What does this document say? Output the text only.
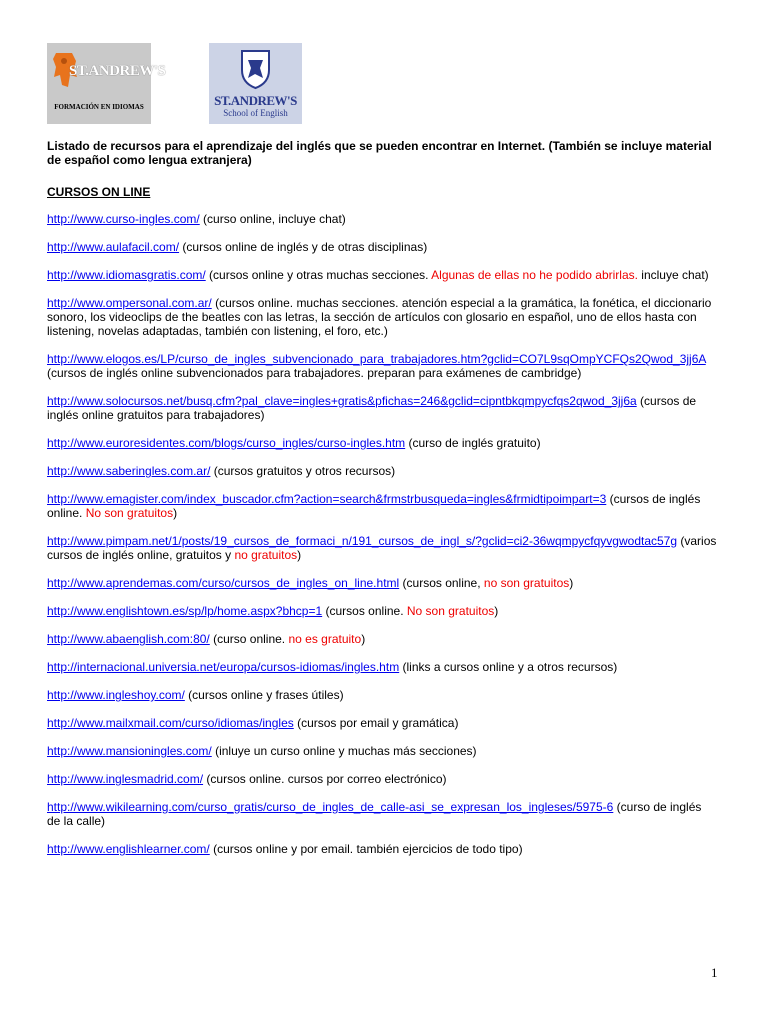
ST.ANDREW'S
FORMACIÓN EN IDIOMAS	ST.ANDREW'S
School of English

Listado de recursos para el aprendizaje del inglés que se pueden encontrar en Internet. (También se incluye material de español como lengua extranjera)

CURSOS ON LINE

http://www.curso-ingles.com/ (curso online, incluye chat)

http://www.aulafacil.com/ (cursos online de inglés y de otras disciplinas)

http://www.idiomasgratis.com/ (cursos online y otras muchas secciones. Algunas de ellas no he podido abrirlas. incluye chat)

http://www.ompersonal.com.ar/ (cursos online. muchas secciones. atención especial a la gramática, la fonética, el diccionario sonoro, los videoclips de the beatles con las letras, la sección de artículos con glosario en español, uno de ellos hasta con listening, novelas adaptadas, también con listening, el foro, etc.)

http://www.elogos.es/LP/curso_de_ingles_subvencionado_para_trabajadores.htm?gclid=CO7L9sqOmpYCFQs2Qwod_3jj6A (cursos de inglés online subvencionados para trabajadores. preparan para exámenes de cambridge)

http://www.solocursos.net/busq.cfm?pal_clave=ingles+gratis&pfichas=246&gclid=cipntbkqmpycfqs2qwod_3jj6a (cursos de inglés online gratuitos para trabajadores)

http://www.euroresidentes.com/blogs/curso_ingles/curso-ingles.htm (curso de inglés gratuito)

http://www.saberingles.com.ar/ (cursos gratuitos y otros recursos)

http://www.emagister.com/index_buscador.cfm?action=search&frmstrbusqueda=ingles&frmidtipoimpart=3 (cursos de inglés online. No son gratuitos)

http://www.pimpam.net/1/posts/19_cursos_de_formaci_n/191_cursos_de_ingl_s/?gclid=ci2-36wqmpycfqyvgwodtac57g (varios cursos de inglés online, gratuitos y no gratuitos)

http://www.aprendemas.com/curso/cursos_de_ingles_on_line.html (cursos online, no son gratuitos)

http://www.englishtown.es/sp/lp/home.aspx?bhcp=1 (cursos online. No son gratuitos)

http://www.abaenglish.com:80/ (curso online. no es gratuito)

http://internacional.universia.net/europa/cursos-idiomas/ingles.htm (links a cursos online y a otros recursos)

http://www.ingleshoy.com/ (cursos online y frases útiles)

http://www.mailxmail.com/curso/idiomas/ingles (cursos por email y gramática)

http://www.mansioningles.com/ (inluye un curso online y muchas más secciones)

http://www.inglesmadrid.com/ (cursos online. cursos por correo electrónico)

http://www.wikilearning.com/curso_gratis/curso_de_ingles_de_calle-asi_se_expresan_los_ingleses/5975-6 (curso de inglés de la calle)

http://www.englishlearner.com/ (cursos online y por email. también ejercicios de todo tipo)

1
